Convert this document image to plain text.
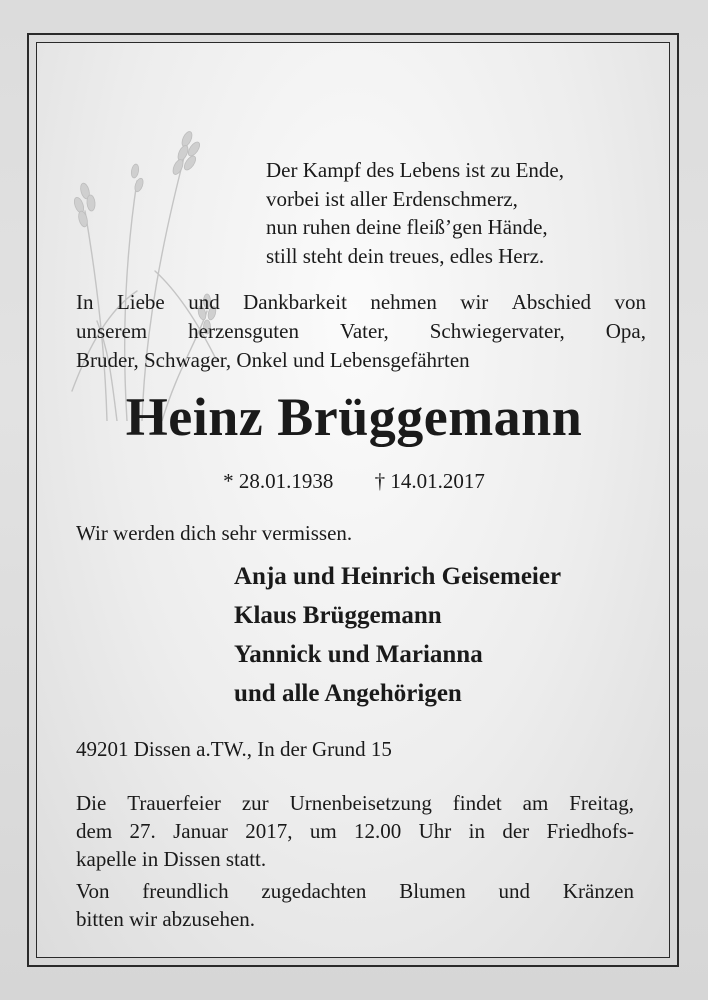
Der Kampf des Lebens ist zu Ende,
vorbei ist aller Erdenschmerz,
nun ruhen deine fleiß’gen Hände,
still steht dein treues, edles Herz.
In Liebe und Dankbarkeit nehmen wir Abschied von
unserem herzensguten Vater, Schwiegervater, Opa,
Bruder, Schwager, Onkel und Lebensgefährten
Heinz Brüggemann
* 28.01.1938 † 14.01.2017
Wir werden dich sehr vermissen.
Anja und Heinrich Geisemeier
Klaus Brüggemann
Yannick und Marianna
und alle Angehörigen
49201 Dissen a.TW., In der Grund 15
Die Trauerfeier zur Urnenbeisetzung findet am Freitag,
dem 27. Januar 2017, um 12.00 Uhr in der Friedhofs-
kapelle in Dissen statt.
Von freundlich zugedachten Blumen und Kränzen
bitten wir abzusehen.
